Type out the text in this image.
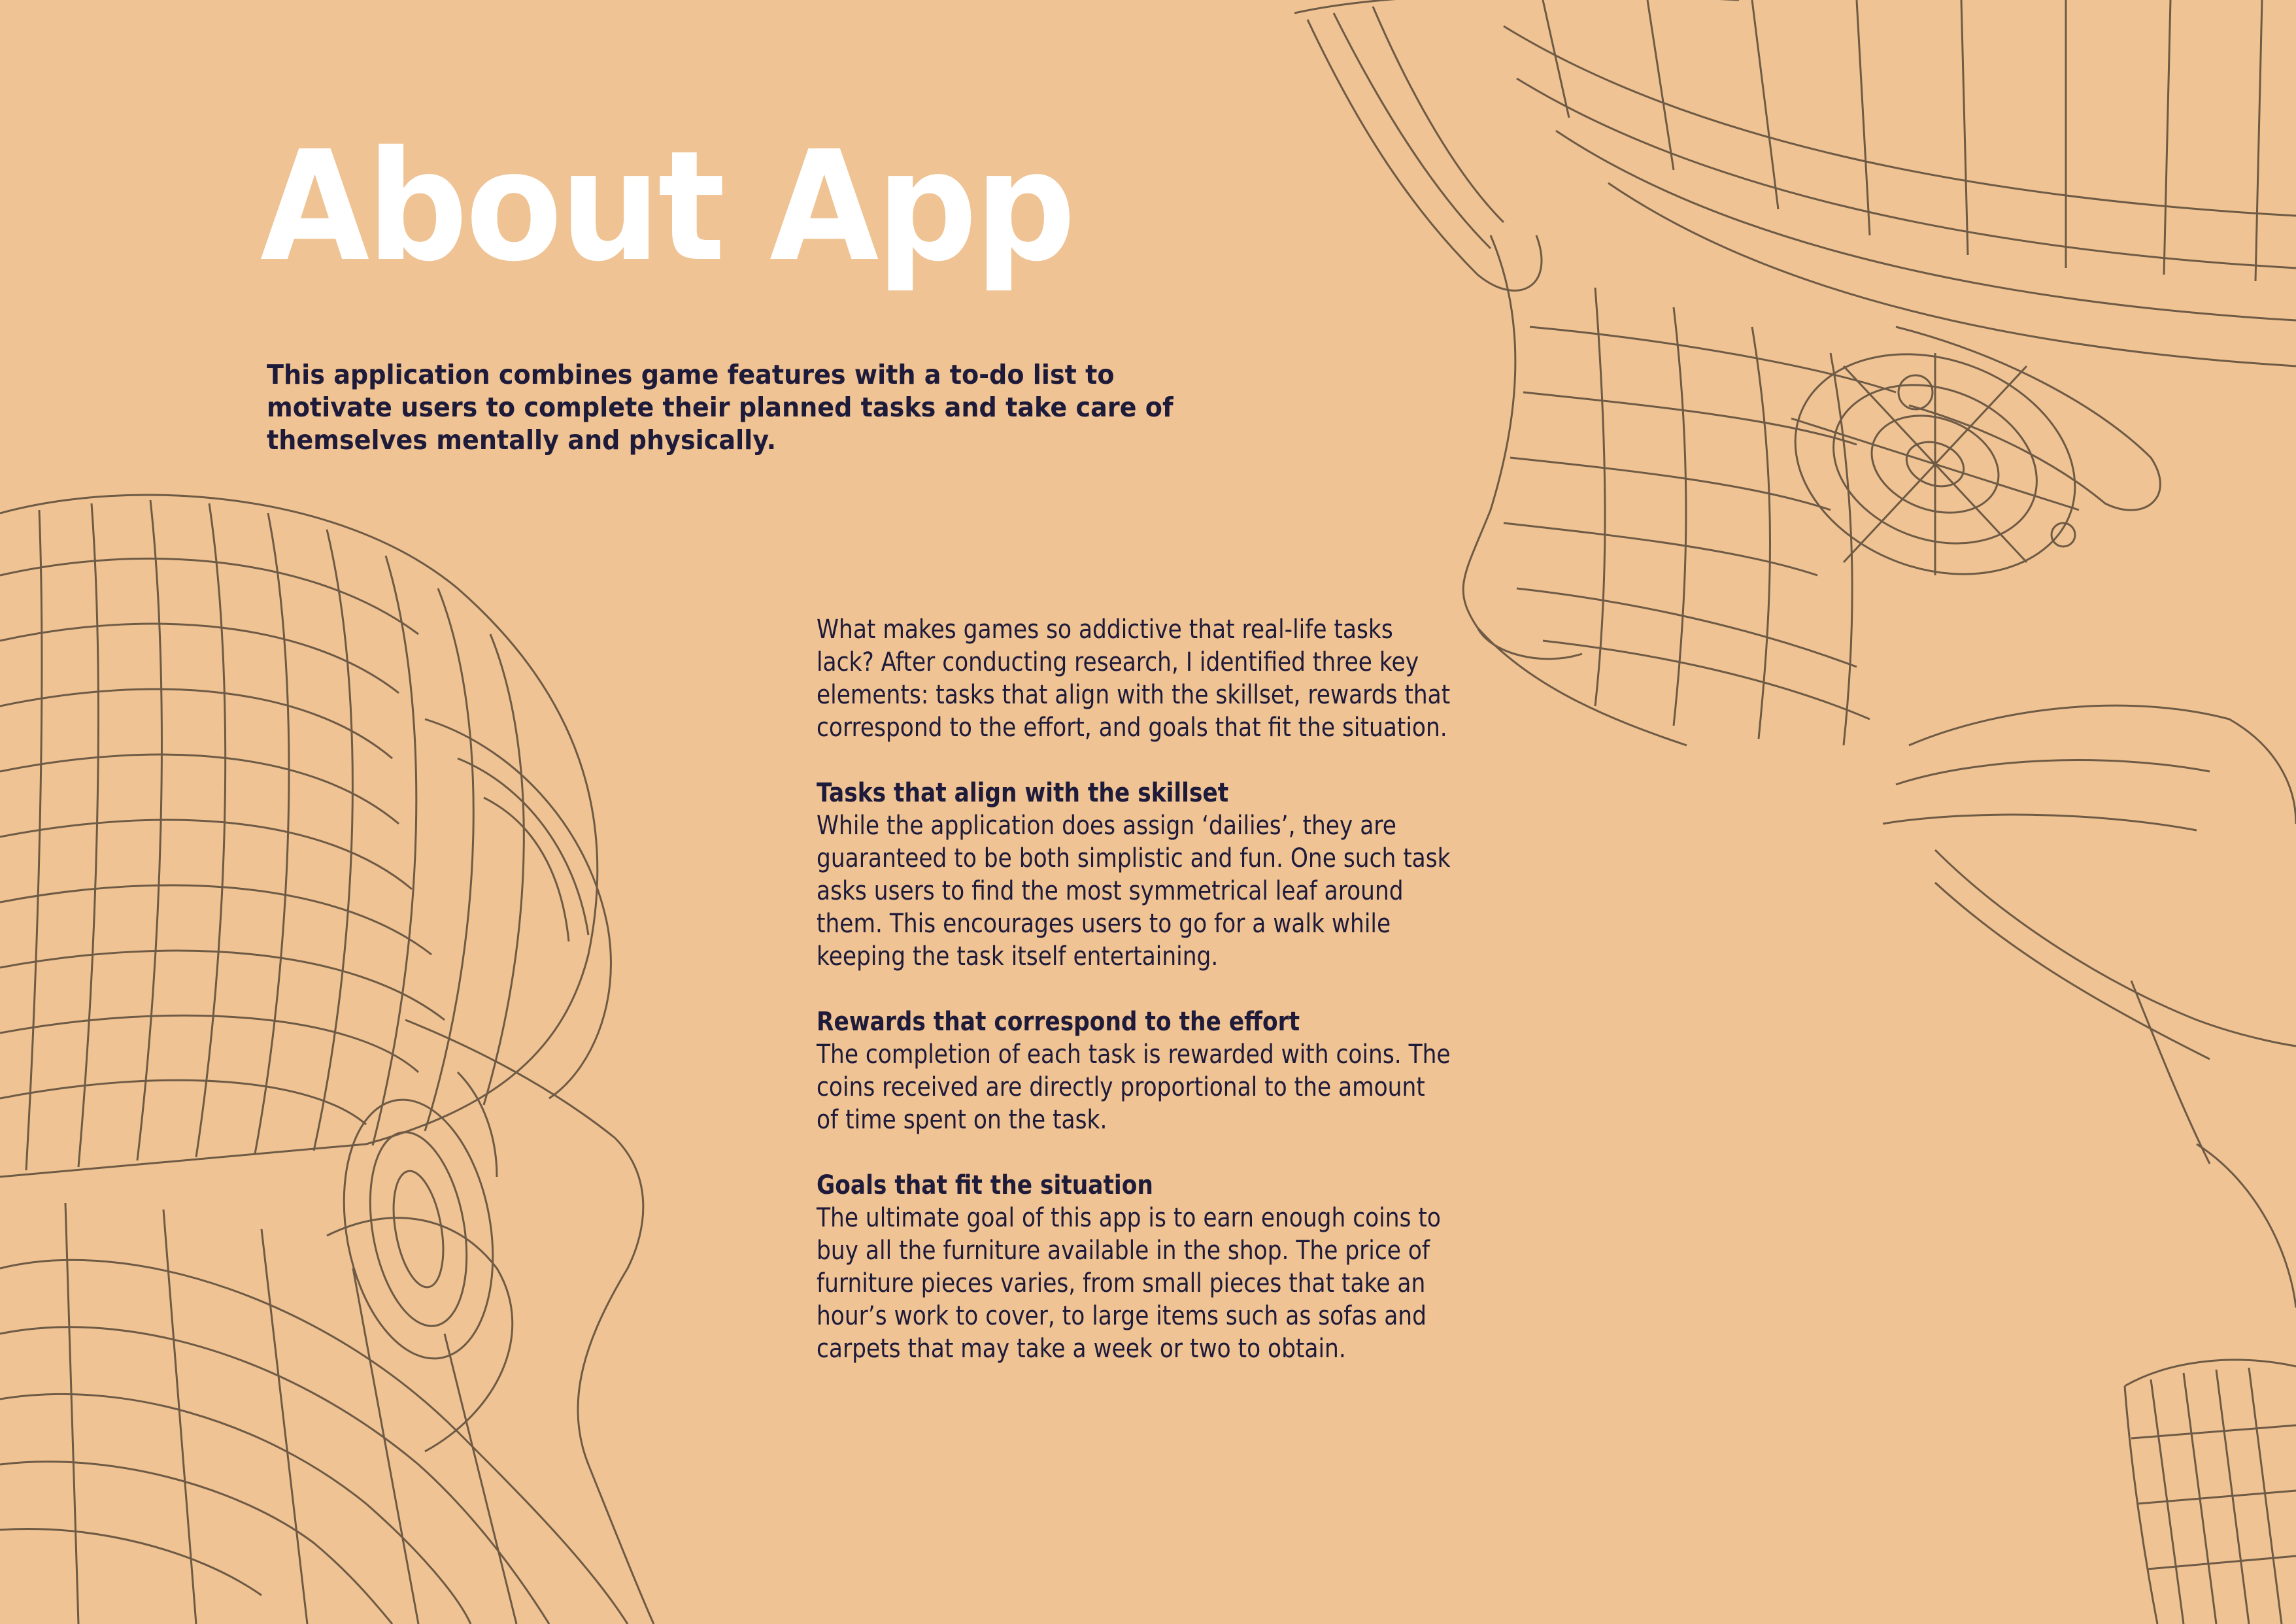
About App

This application combines game features with a to-do list to motivate users to complete their planned tasks and take care of themselves mentally and physically.

What makes games so addictive that real-life tasks lack? After conducting research, I identified three key elements: tasks that align with the skillset, rewards that correspond to the effort, and goals that fit the situation.

Tasks that align with the skillset

While the application does assign ‘dailies’, they are guaranteed to be both simplistic and fun. One such task asks users to find the most symmetrical leaf around them. This encourages users to go for a walk while keeping the task itself entertaining.

Rewards that correspond to the effort

The completion of each task is rewarded with coins. The coins received are directly proportional to the amount of time spent on the task.

Goals that fit the situation

The ultimate goal of this app is to earn enough coins to buy all the furniture available in the shop. The price of furniture pieces varies, from small pieces that take an hour’s work to cover, to large items such as sofas and carpets that may take a week or two to obtain.
